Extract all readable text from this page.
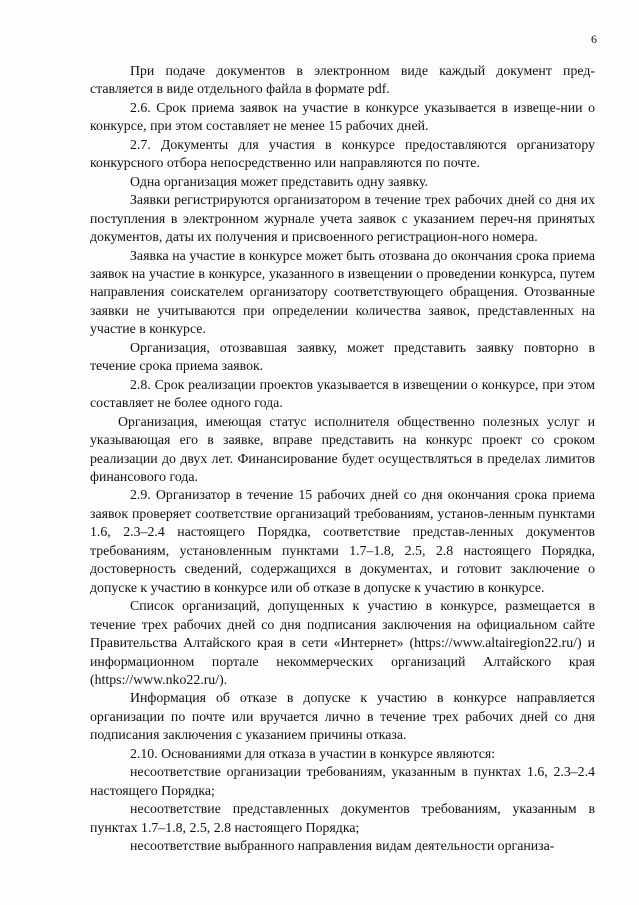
6

При подаче документов в электронном виде каждый документ пред-ставляется в виде отдельного файла в формате pdf.

2.6. Срок приема заявок на участие в конкурсе указывается в извеще-нии о конкурсе, при этом составляет не менее 15 рабочих дней.

2.7. Документы для участия в конкурсе предоставляются организатору конкурсного отбора непосредственно или направляются по почте.

Одна организация может представить одну заявку.

Заявки регистрируются организатором в течение трех рабочих дней со дня их поступления в электронном журнале учета заявок с указанием переч-ня принятых документов, даты их получения и присвоенного регистрацион-ного номера.

Заявка на участие в конкурсе может быть отозвана до окончания срока приема заявок на участие в конкурсе, указанного в извещении о проведении конкурса, путем направления соискателем организатору соответствующего обращения. Отозванные заявки не учитываются при определении количества заявок, представленных на участие в конкурсе.

Организация, отозвавшая заявку, может представить заявку повторно в течение срока приема заявок.

2.8. Срок реализации проектов указывается в извещении о конкурсе, при этом составляет не более одного года.

Организация, имеющая статус исполнителя общественно полезных услуг и указывающая его в заявке, вправе представить на конкурс проект со сроком реализации до двух лет. Финансирование будет осуществляться в пределах лимитов финансового года.

2.9. Организатор в течение 15 рабочих дней со дня окончания срока приема заявок проверяет соответствие организаций требованиям, установ-ленным пунктами 1.6, 2.3–2.4 настоящего Порядка, соответствие представ-ленных документов требованиям, установленным пунктами 1.7–1.8, 2.5, 2.8 настоящего Порядка, достоверность сведений, содержащихся в документах, и готовит заключение о допуске к участию в конкурсе или об отказе в допуске к участию в конкурсе.

Список организаций, допущенных к участию в конкурсе, размещается в течение трех рабочих дней со дня подписания заключения на официальном сайте Правительства Алтайского края в сети «Интернет» (https://www.altairegion22.ru/) и информационном портале некоммерческих организаций Алтайского края (https://www.nko22.ru/).

Информация об отказе в допуске к участию в конкурсе направляется организации по почте или вручается лично в течение трех рабочих дней со дня подписания заключения с указанием причины отказа.

2.10. Основаниями для отказа в участии в конкурсе являются:

несоответствие организации требованиям, указанным в пунктах 1.6, 2.3–2.4 настоящего Порядка;

несоответствие представленных документов требованиям, указанным в пунктах 1.7–1.8, 2.5, 2.8 настоящего Порядка;

несоответствие выбранного направления видам деятельности организа-
